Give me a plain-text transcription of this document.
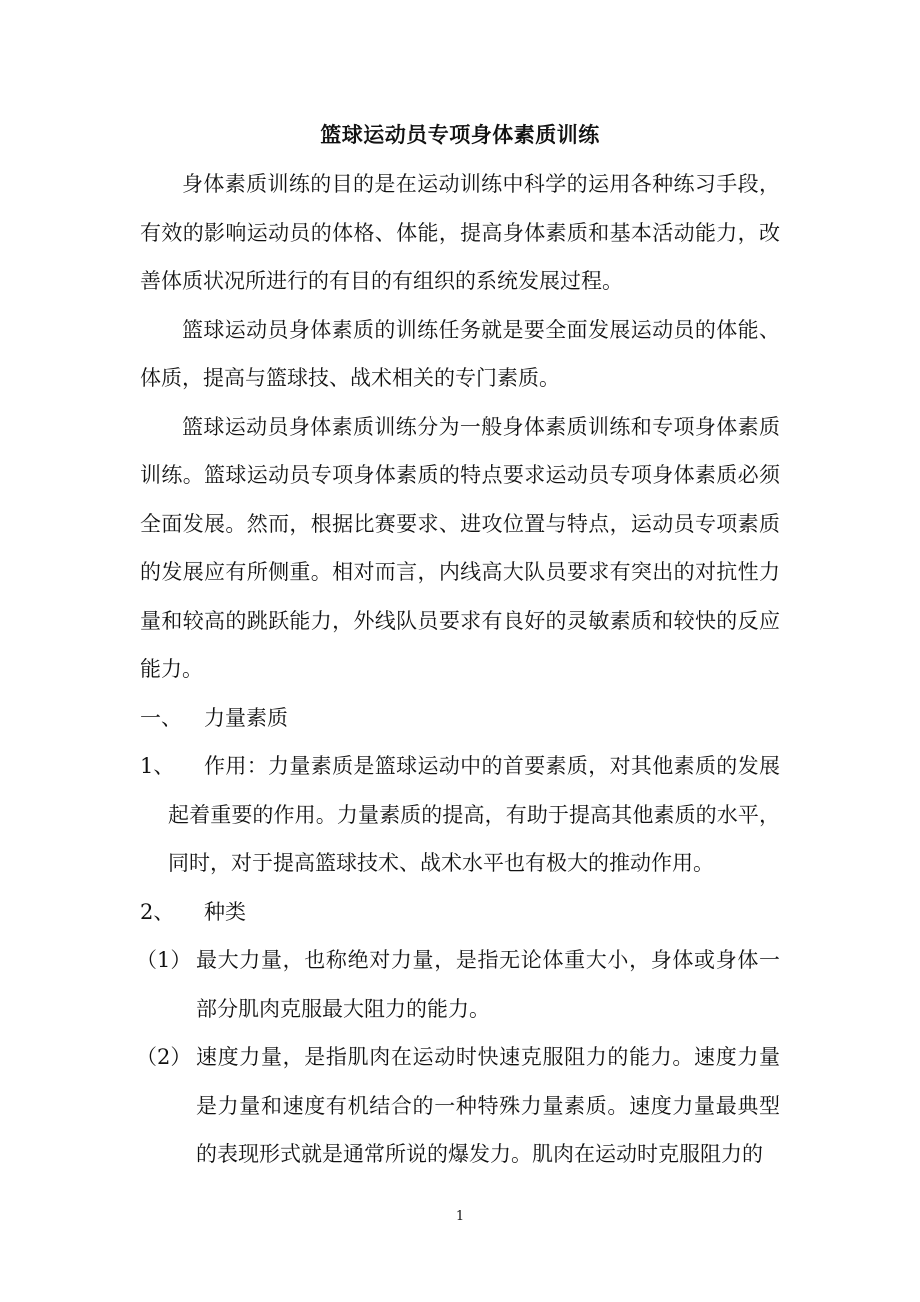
篮球运动员专项身体素质训练

身体素质训练的目的是在运动训练中科学的运用各种练习手段，有效的影响运动员的体格、体能，提高身体素质和基本活动能力，改善体质状况所进行的有目的有组织的系统发展过程。

篮球运动员身体素质的训练任务就是要全面发展运动员的体能、体质，提高与篮球技、战术相关的专门素质。

篮球运动员身体素质训练分为一般身体素质训练和专项身体素质训练。篮球运动员专项身体素质的特点要求运动员专项身体素质必须全面发展。然而，根据比赛要求、进攻位置与特点，运动员专项素质的发展应有所侧重。相对而言，内线高大队员要求有突出的对抗性力量和较高的跳跃能力，外线队员要求有良好的灵敏素质和较快的反应能力。

一、	力量素质
1、	作用：力量素质是篮球运动中的首要素质，对其他素质的发展起着重要的作用。力量素质的提高，有助于提高其他素质的水平，同时，对于提高篮球技术、战术水平也有极大的推动作用。
2、 种类
（1） 最大力量，也称绝对力量，是指无论体重大小，身体或身体一部分肌肉克服最大阻力的能力。
（2） 速度力量，是指肌肉在运动时快速克服阻力的能力。速度力量是力量和速度有机结合的一种特殊力量素质。速度力量最典型的表现形式就是通常所说的爆发力。肌肉在运动时克服阻力的
1
